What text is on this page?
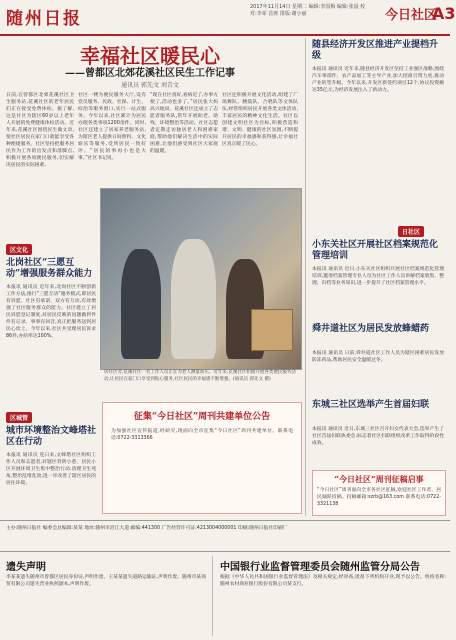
随州日报
2017年11月14日 星期二 编辑:李国梅 编辑:张晨 校对:李荣 首席 排版:谢小丽	今日社区
A3
幸福社区暖民心
——曾都区北郊花溪社区民生工作记事
通讯员 郭先文 刘青文
日前,在曾都区北郊花溪社区卫生服务站,花溪社区的老年居民们正在接受免费体检。据了解,这是社区为辖区60岁以上老年人开展的免费健康体检活动。近年来,花溪社区围绕民生做文章,使社区居民在家门口就能享受各种便捷服务。社区坚持把服务居民作为工作的出发点和落脚点,积极开展各项便民服务,切实解决居民的实际困难。
社区一楼为便民服务大厅,设有党员服务、民政、社保、计生、综治等服务窗口,实行一站式服务。今年以来,社区累计为居民办理各类事项1200余件。同时,社区还建立了居家养老服务站,为辖区老人提供日间照料、文化娱乐等服务,受到居民一致好评。“居民的事再小也是大事。”社区书记说。
“现在社区真好,看病近了,办事方便了,活动也多了。”居民张大妈高兴地说。花溪社区还成立了志愿者服务队,常年开展助老、助残、环境整治等活动。社区志愿者定期走访独居老人和困难家庭,帮助他们解决生活中的实际困难,让他们感受到社区大家庭的温暖。
社区还积极开展文化活动,组建了广场舞队、腰鼓队、合唱队等文体队伍,经常组织居民开展各类文体活动,丰富居民的精神文化生活。社区以创建文明社区为目标,积极营造和谐、文明、健康的社区氛围,不断提升居民的幸福感和获得感,让幸福社区真正暖了民心。
居住区旁,花溪社区一名工作人员正在为老人测量血压。近年来,花溪社区积极开展各类便民服务活动,让居民在家门口享受到贴心服务,社区居民的幸福感不断增强。(通讯员 郭先文 摄)
区文化
北岗社区“三愿互动”增强服务群众能力
本报讯 通讯员 近年来,北岗社区不断创新工作方法,推行“三愿互动”服务模式,即居民有诉愿、社区有承诺、双方有互动,有效增强了社区服务群众的能力。社区建立了居民诉愿登记制度,对居民反映的问题做到件件有记录、事事有回音,真正把服务送到居民心坎上。今年以来,社区共受理居民诉求86件,办结率达100%。
区城管
城市环境整治文峰塔社区在行动
本报讯 通讯员 连日来,文峰塔社区组织工作人员和志愿者,对辖区背街小巷、居民小区开展环境卫生集中整治行动,清理卫生死角,整治乱堆乱放,进一步改善了辖区居民的居住环境。
随县经济开发区推进产业提档升级
本报讯 通讯员 近年来,随县经济开发区坚持工业强区战略,围绕汽车零部件、农产品加工等主导产业,加大招商引资力度,推动产业转型升级。今年以来,开发区新签约项目12个,协议投资额达35亿元,为经济发展注入了新动力。
日社区
小东关社区开展社区档案规范化管理培训
本报讯 通讯员 近日,小东关社区组织开展社区档案规范化管理培训,邀请档案管理专业人员为社区工作人员讲解档案收集、整理、归档等业务知识,进一步提升了社区档案管理水平。
舜井道社区为居民发放蜂蜡药
本报讯 通讯员 日前,舜井道社区工作人员为辖区困难居民发放防冻药品,帮助居民安全温暖过冬。
东城三社区选举产生首届妇联
本报讯 通讯员 近日,东城三社区召开妇女代表大会,选举产生了社区首届妇联执委会,标志着社区妇联组织改革工作取得阶段性成效。
征集“今日社区”周刊共建单位公告
为加强社区宣传报道,经研究,现面向全市征集“今日社区”周刊共建单位。联系电话:0722-3313366
“今日社区”周刊征稿启事
“今日社区”周刊面向全市各社区征稿,欢迎社区工作者、居民踊跃投稿。投稿邮箱:szrb@163.com 联系电话:0722-3321138
主办:随州日报社 编委会总编辑:某某 地址:随州市沿江大道 邮编:441300 广告经营许可证:4213004000001 印刷:随州日报社印刷厂
遗失声明
李某某遗失随州市曾都区居民身份证,声明作废。王某某遗失道路运输证,声明作废。随州市某商贸有限公司遗失营业执照副本,声明作废。
中国银行业监督管理委员会随州监管分局公告
根据《中华人民共和国银行业监督管理法》及相关规定,经审查,批准下列机构开业,现予以公告。机构名称:随州农村商业银行股份有限公司某支行。
